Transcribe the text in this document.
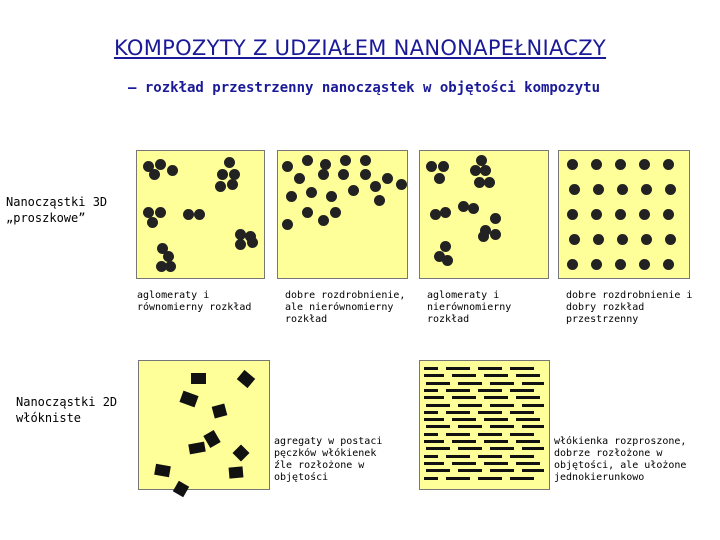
KOMPOZYTY Z UDZIAŁEM NANONAPEŁNIACZY
– rozkład przestrzenny nanocząstek w objętości kompozytu
Nanocząstki 3D
„proszkowe”
Nanocząstki 2D
włókniste
aglomeraty i
równomierny rozkład
dobre rozdrobnienie,
ale nierównomierny
rozkład
aglomeraty i
nierównomierny
rozkład
dobre rozdrobnienie i
dobry rozkład
przestrzenny
agregaty w postaci
pęczków włókienek
źle rozłożone w
objętości
włókienka rozproszone,
dobrze rozłożone w
objętości, ale ułożone
jednokierunkowo
